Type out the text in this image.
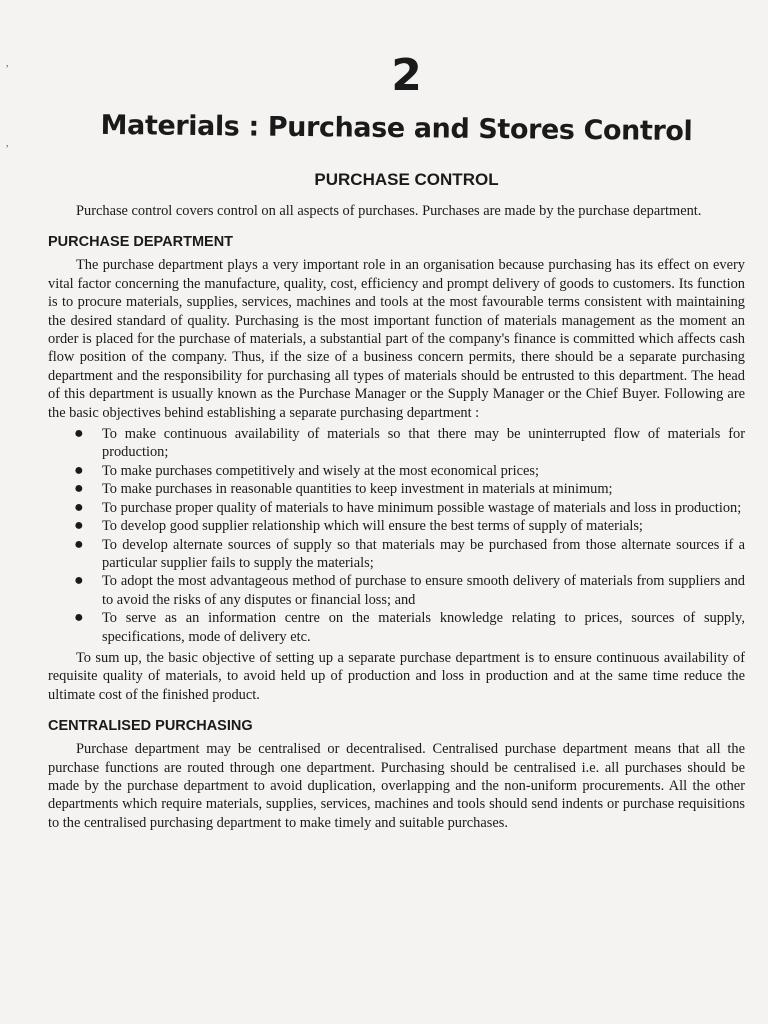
,
,
2
Materials : Purchase and Stores Control
PURCHASE CONTROL

Purchase control covers control on all aspects of purchases. Purchases are made by the purchase department.

PURCHASE DEPARTMENT

The purchase department plays a very important role in an organisation because purchasing has its effect on every vital factor concerning the manufacture, quality, cost, efficiency and prompt delivery of goods to customers. Its function is to procure materials, supplies, services, machines and tools at the most favourable terms consistent with maintaining the desired standard of quality. Purchasing is the most important function of materials management as the moment an order is placed for the purchase of materials, a substantial part of the company's finance is committed which affects cash flow position of the company. Thus, if the size of a business concern permits, there should be a separate purchasing department and the responsibility for purchasing all types of materials should be entrusted to this department. The head of this department is usually known as the Purchase Manager or the Supply Manager or the Chief Buyer. Following are the basic objectives behind establishing a separate purchasing department :

● To make continuous availability of materials so that there may be uninterrupted flow of materials for production;
● To make purchases competitively and wisely at the most economical prices;
● To make purchases in reasonable quantities to keep investment in materials at minimum;
● To purchase proper quality of materials to have minimum possible wastage of materials and loss in production;
● To develop good supplier relationship which will ensure the best terms of supply of materials;
● To develop alternate sources of supply so that materials may be purchased from those alternate sources if a particular supplier fails to supply the materials;
● To adopt the most advantageous method of purchase to ensure smooth delivery of materials from suppliers and to avoid the risks of any disputes or financial loss; and
● To serve as an information centre on the materials knowledge relating to prices, sources of supply, specifications, mode of delivery etc.

To sum up, the basic objective of setting up a separate purchase department is to ensure continuous availability of requisite quality of materials, to avoid held up of production and loss in production and at the same time reduce the ultimate cost of the finished product.

CENTRALISED PURCHASING

Purchase department may be centralised or decentralised. Centralised purchase department means that all the purchase functions are routed through one department. Purchasing should be centralised i.e. all purchases should be made by the purchase department to avoid duplication, overlapping and the non-uniform procurements. All the other departments which require materials, supplies, services, machines and tools should send indents or purchase requisitions to the centralised purchasing department to make timely and suitable purchases.
